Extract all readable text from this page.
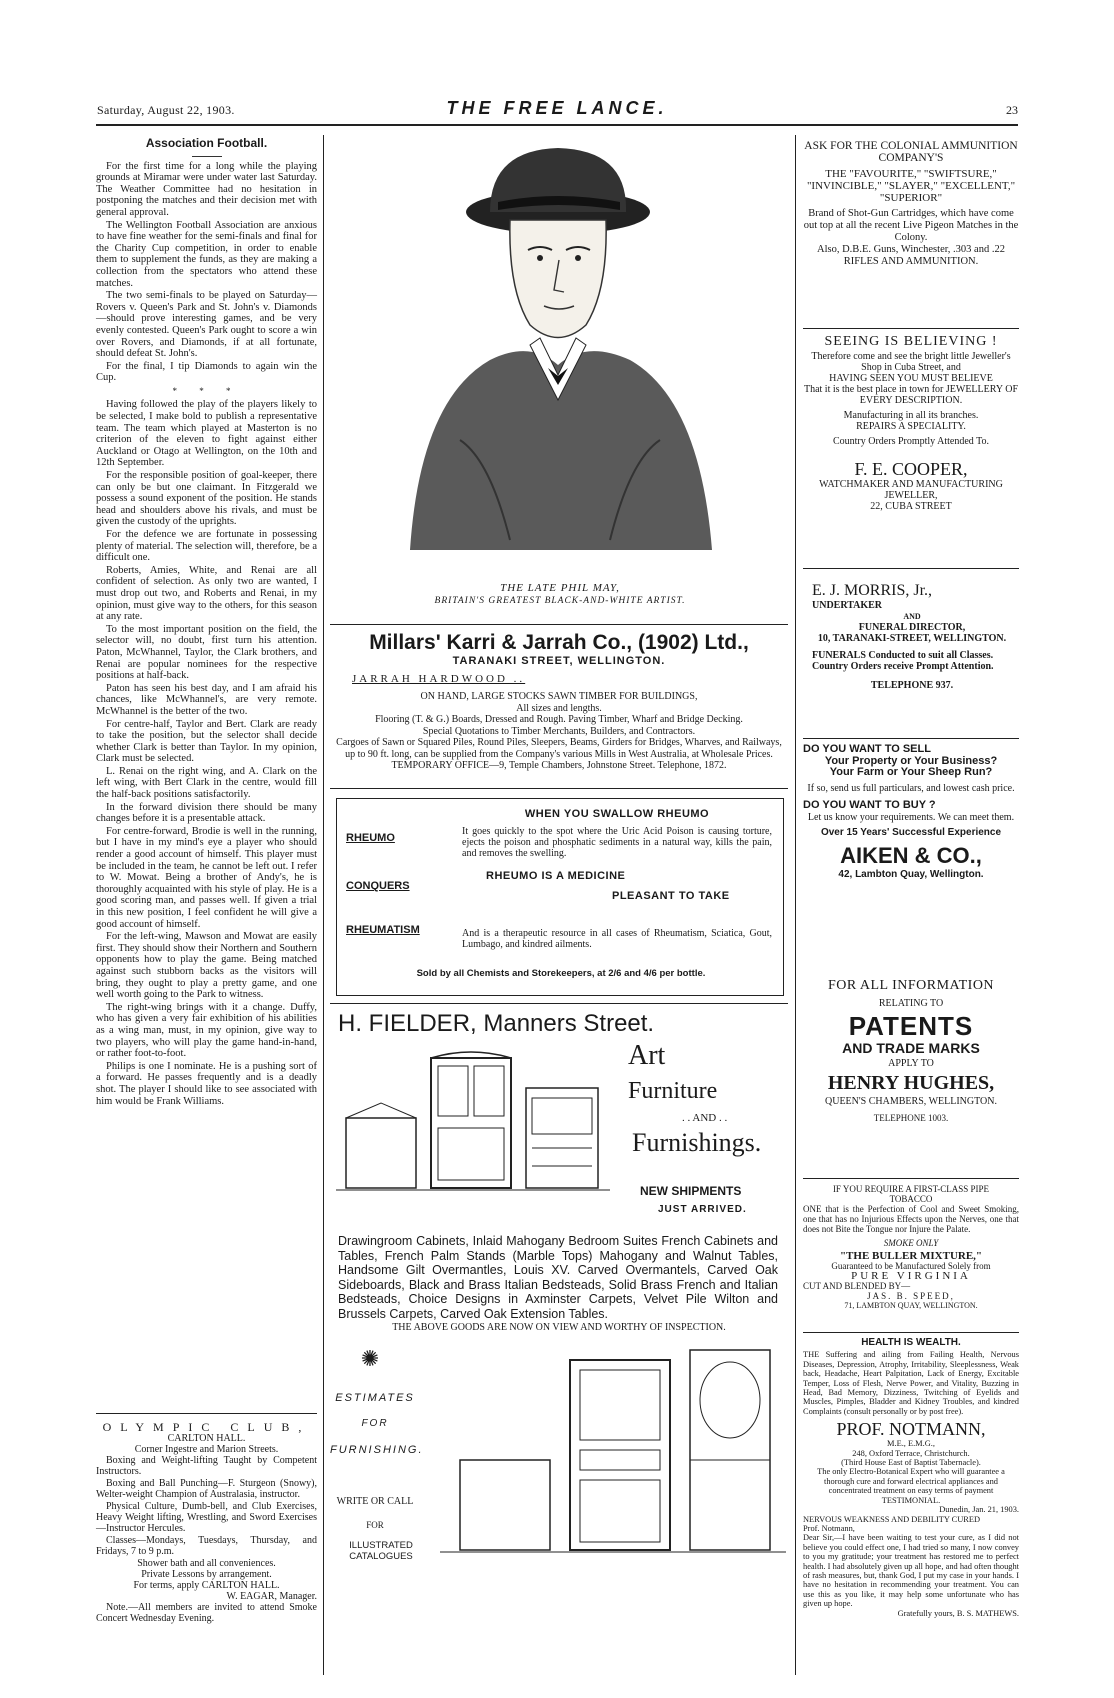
Saturday, August 22, 1903.	THE FREE LANCE.	23
Association Football.

For the first time for a long while the playing grounds at Miramar were under water last Saturday. The Weather Committee had no hesitation in postponing the matches and their decision met with general approval.

The Wellington Football Association are anxious to have fine weather for the semi-finals and final for the Charity Cup competition, in order to enable them to supplement the funds, as they are making a collection from the spectators who attend these matches.

The two semi-finals to be played on Saturday—Rovers v. Queen's Park and St. John's v. Diamonds—should prove interesting games, and be very evenly contested. Queen's Park ought to score a win over Rovers, and Diamonds, if at all fortunate, should defeat St. John's.

For the final, I tip Diamonds to again win the Cup.

* * *

Having followed the play of the players likely to be selected, I make bold to publish a representative team. The team which played at Masterton is no criterion of the eleven to fight against either Auckland or Otago at Wellington, on the 10th and 12th September.

For the responsible position of goal-keeper, there can only be but one claimant. In Fitzgerald we possess a sound exponent of the position. He stands head and shoulders above his rivals, and must be given the custody of the uprights.

For the defence we are fortunate in possessing plenty of material. The selection will, therefore, be a difficult one.

Roberts, Amies, White, and Renai are all confident of selection. As only two are wanted, I must drop out two, and Roberts and Renai, in my opinion, must give way to the others, for this season at any rate.

To the most important position on the field, the selector will, no doubt, first turn his attention. Paton, McWhannel, Taylor, the Clark brothers, and Renai are popular nominees for the respective positions at half-back.

Paton has seen his best day, and I am afraid his chances, like McWhannel's, are very remote. McWhannel is the better of the two.

For centre-half, Taylor and Bert. Clark are ready to take the position, but the selector shall decide whether Clark is better than Taylor. In my opinion, Clark must be selected.

L. Renai on the right wing, and A. Clark on the left wing, with Bert Clark in the centre, would fill the half-back positions satisfactorily.

In the forward division there should be many changes before it is a presentable attack.

For centre-forward, Brodie is well in the running, but I have in my mind's eye a player who should render a good account of himself. This player must be included in the team, he cannot be left out. I refer to W. Mowat. Being a brother of Andy's, he is thoroughly acquainted with his style of play. He is a good scoring man, and passes well. If given a trial in this new position, I feel confident he will give a good account of himself.

For the left-wing, Mawson and Mowat are easily first. They should show their Northern and Southern opponents how to play the game. Being matched against such stubborn backs as the visitors will bring, they ought to play a pretty game, and one well worth going to the Park to witness.

The right-wing brings with it a change. Duffy, who has given a very fair exhibition of his abilities as a wing man, must, in my opinion, give way to two players, who will play the game hand-in-hand, or rather foot-to-foot.

Philips is one I nominate. He is a pushing sort of a forward. He passes frequently and is a deadly shot. The player I should like to see associated with him would be Frank Williams.

OLYMPIC CLUB,
CARLTON HALL.
Corner Ingestre and Marion Streets.

Boxing and Weight-lifting Taught by Competent Instructors.

Boxing and Ball Punching—F. Sturgeon (Snowy), Welter-weight Champion of Australasia, instructor.

Physical Culture, Dumb-bell, and Club Exercises, Heavy Weight lifting, Wrestling, and Sword Exercises—Instructor Hercules.

Classes—Mondays, Tuesdays, Thursday, and Fridays, 7 to 9 p.m.

Shower bath and all conveniences.
Private Lessons by arrangement.
For terms, apply CARLTON HALL.
W. EAGAR, Manager.

Note.—All members are invited to attend Smoke Concert Wednesday Evening.

THE LATE PHIL MAY,
BRITAIN'S GREATEST BLACK-AND-WHITE ARTIST.
Millars' Karri & Jarrah Co., (1902) Ltd.,
TARANAKI STREET, WELLINGTON.
JARRAH HARDWOOD ..
ON HAND, LARGE STOCKS SAWN TIMBER FOR BUILDINGS,
All sizes and lengths.
Flooring (T. & G.) Boards, Dressed and Rough. Paving Timber, Wharf and Bridge Decking.
Special Quotations to Timber Merchants, Builders, and Contractors.
Cargoes of Sawn or Squared Piles, Round Piles, Sleepers, Beams, Girders for Bridges, Wharves, and Railways, up to 90 ft. long, can be supplied from the Company's various Mills in West Australia, at Wholesale Prices.
TEMPORARY OFFICE—9, Temple Chambers, Johnstone Street. Telephone, 1872.
WHEN YOU SWALLOW RHEUMO
RHEUMO
CONQUERS
RHEUMATISM
It goes quickly to the spot where the Uric Acid Poison is causing torture, ejects the poison and phosphatic sediments in a natural way, kills the pain, and removes the swelling.
RHEUMO IS A MEDICINE
PLEASANT TO TAKE
And is a therapeutic resource in all cases of Rheumatism, Sciatica, Gout, Lumbago, and kindred ailments.
Sold by all Chemists and Storekeepers, at 2/6 and 4/6 per bottle.
H. FIELDER, Manners Street.
Art
Furniture
. . AND . .
Furnishings.
NEW SHIPMENTS
JUST ARRIVED.
Drawingroom Cabinets, Inlaid Mahogany Bedroom Suites French Cabinets and Tables, French Palm Stands (Marble Tops) Mahogany and Walnut Tables, Handsome Gilt Overmantles, Louis XV. Carved Overmantels, Carved Oak Sideboards, Black and Brass Italian Bedsteads, Solid Brass French and Italian Bedsteads, Choice Designs in Axminster Carpets, Velvet Pile Wilton and Brussels Carpets, Carved Oak Extension Tables.
THE ABOVE GOODS ARE NOW ON VIEW AND WORTHY OF INSPECTION.
✺
ESTIMATES
FOR
FURNISHING.
WRITE OR CALL
FOR
ILLUSTRATED CATALOGUES
ASK FOR THE COLONIAL AMMUNITION COMPANY'S
THE "FAVOURITE," "SWIFTSURE," "INVINCIBLE," "SLAYER," "EXCELLENT," "SUPERIOR"
Brand of Shot-Gun Cartridges, which have come out top at all the recent Live Pigeon Matches in the Colony.
Also, D.B.E. Guns, Winchester, .303 and .22 RIFLES AND AMMUNITION.
SEEING IS BELIEVING !
Therefore come and see the bright little Jeweller's Shop in Cuba Street, and
HAVING SEEN YOU MUST BELIEVE
That it is the best place in town for JEWELLERY OF EVERY DESCRIPTION.
Manufacturing in all its branches.
REPAIRS A SPECIALITY.
Country Orders Promptly Attended To.
F. E. COOPER,
WATCHMAKER AND MANUFACTURING JEWELLER,
22, CUBA STREET
E. J. MORRIS, Jr.,
UNDERTAKER
AND
FUNERAL DIRECTOR,
10, TARANAKI-STREET, WELLINGTON.
FUNERALS Conducted to suit all Classes.
Country Orders receive Prompt Attention.
TELEPHONE 937.
DO YOU WANT TO SELL
Your Property or Your Business?
Your Farm or Your Sheep Run?
If so, send us full particulars, and lowest cash price.
DO YOU WANT TO BUY ?
Let us know your requirements. We can meet them.
Over 15 Years' Successful Experience
AIKEN & CO.,
42, Lambton Quay, Wellington.
FOR ALL INFORMATION
RELATING TO
PATENTS
AND TRADE MARKS
APPLY TO
HENRY HUGHES,
QUEEN'S CHAMBERS, WELLINGTON.
TELEPHONE 1003.
IF YOU REQUIRE A FIRST-CLASS PIPE
TOBACCO
ONE that is the Perfection of Cool and Sweet Smoking, one that has no Injurious Effects upon the Nerves, one that does not Bite the Tongue nor Injure the Palate.
SMOKE ONLY
"THE BULLER MIXTURE,"
Guaranteed to be Manufactured Solely from
PURE VIRGINIA
CUT AND BLENDED BY—
JAS. B. SPEED,
71, LAMBTON QUAY, WELLINGTON.
HEALTH IS WEALTH.
THE Suffering and ailing from Failing Health, Nervous Diseases, Depression, Atrophy, Irritability, Sleeplessness, Weak back, Headache, Heart Palpitation, Lack of Energy, Excitable Temper, Loss of Flesh, Nerve Power, and Vitality, Buzzing in Head, Bad Memory, Dizziness, Twitching of Eyelids and Muscles, Pimples, Bladder and Kidney Troubles, and kindred Complaints (consult personally or by post free).
PROF. NOTMANN,
M.E., E.M.G.,
248, Oxford Terrace, Christchurch.
(Third House East of Baptist Tabernacle).
The only Electro-Botanical Expert who will guarantee a thorough cure and forward electrical appliances and concentrated treatment on easy terms of payment
TESTIMONIAL.
Dunedin, Jan. 21, 1903.
NERVOUS WEAKNESS AND DEBILITY CURED
Prof. Notmann,
Dear Sir,—I have been waiting to test your cure, as I did not believe you could effect one, I had tried so many, I now convey to you my gratitude; your treatment has restored me to perfect health. I had absolutely given up all hope, and had often thought of rash measures, but, thank God, I put my case in your hands. I have no hesitation in recommending your treatment. You can use this as you like, it may help some unfortunate who has given up hope.
Gratefully yours, B. S. MATHEWS.
